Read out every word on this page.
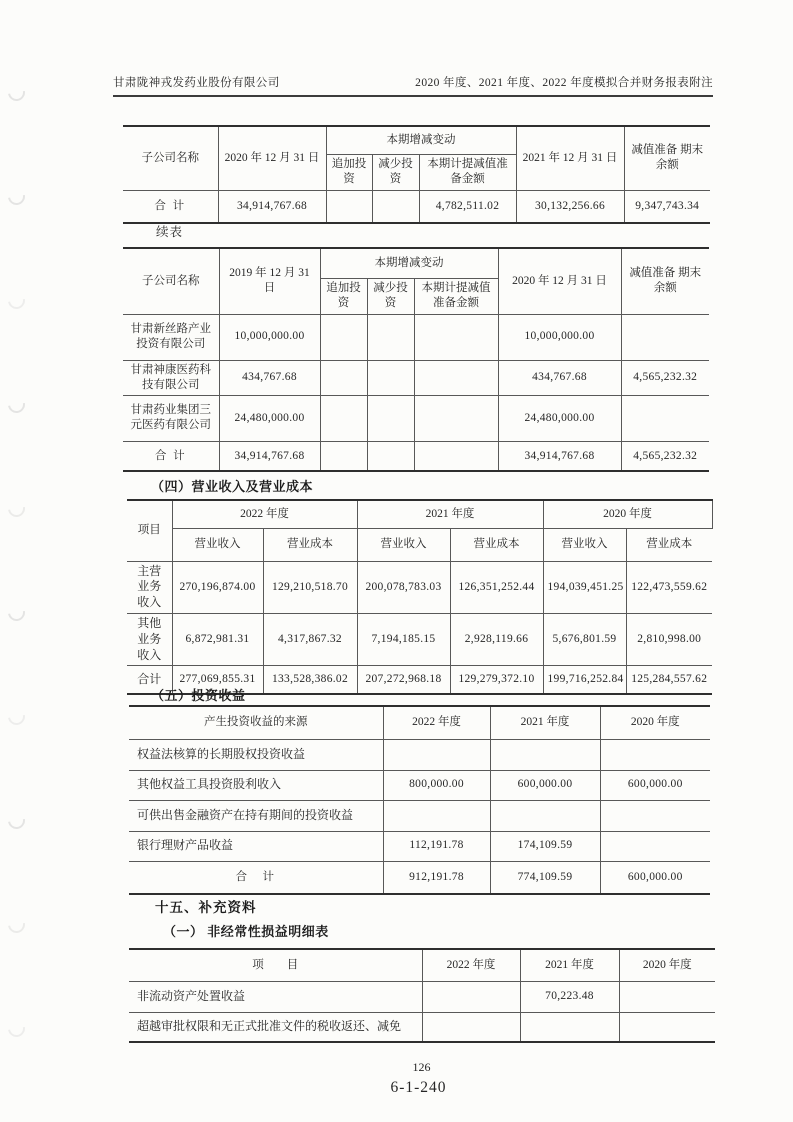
甘肃陇神戎发药业股份有限公司	2020 年度、2021 年度、2022 年度模拟合并财务报表附注
子公司名称	2020 年 12 月 31 日	本期增减变动			2021 年 12 月 31 日	减值准备 期末余额
		追加投资	减少投资	本期计提减值准备金额		
合 计	34,914,767.68			4,782,511.02	30,132,256.66	9,347,743.34
续表
子公司名称	2019 年 12 月 31 日	本期增减变动			2020 年 12 月 31 日	减值准备 期末余额
		追加投资	减少投资	本期计提减值准备金额		
甘肃新丝路产业投资有限公司	10,000,000.00				10,000,000.00	
甘肃神康医药科技有限公司	434,767.68				434,767.68	4,565,232.32
甘肃药业集团三元医药有限公司	24,480,000.00				24,480,000.00	
合 计	34,914,767.68				34,914,767.68	4,565,232.32
（四）营业收入及营业成本
项目	2022 年度		2021 年度		2020 年度	
	营业收入	营业成本	营业收入	营业成本	营业收入	营业成本
主营业务收入	270,196,874.00	129,210,518.70	200,078,783.03	126,351,252.44	194,039,451.25	122,473,559.62
其他业务收入	6,872,981.31	4,317,867.32	7,194,185.15	2,928,119.66	5,676,801.59	2,810,998.00
合计	277,069,855.31	133,528,386.02	207,272,968.18	129,279,372.10	199,716,252.84	125,284,557.62
（五）投资收益
产生投资收益的来源	2022 年度	2021 年度	2020 年度
权益法核算的长期股权投资收益			
其他权益工具投资股利收入	800,000.00	600,000.00	600,000.00
可供出售金融资产在持有期间的投资收益			
银行理财产品收益	112,191.78	174,109.59	
合　计	912,191.78	774,109.59	600,000.00
十五、补充资料
（一） 非经常性损益明细表
项　　目	2022 年度	2021 年度	2020 年度
非流动资产处置收益		70,223.48	
超越审批权限和无正式批准文件的税收返还、减免			
126
6-1-240
